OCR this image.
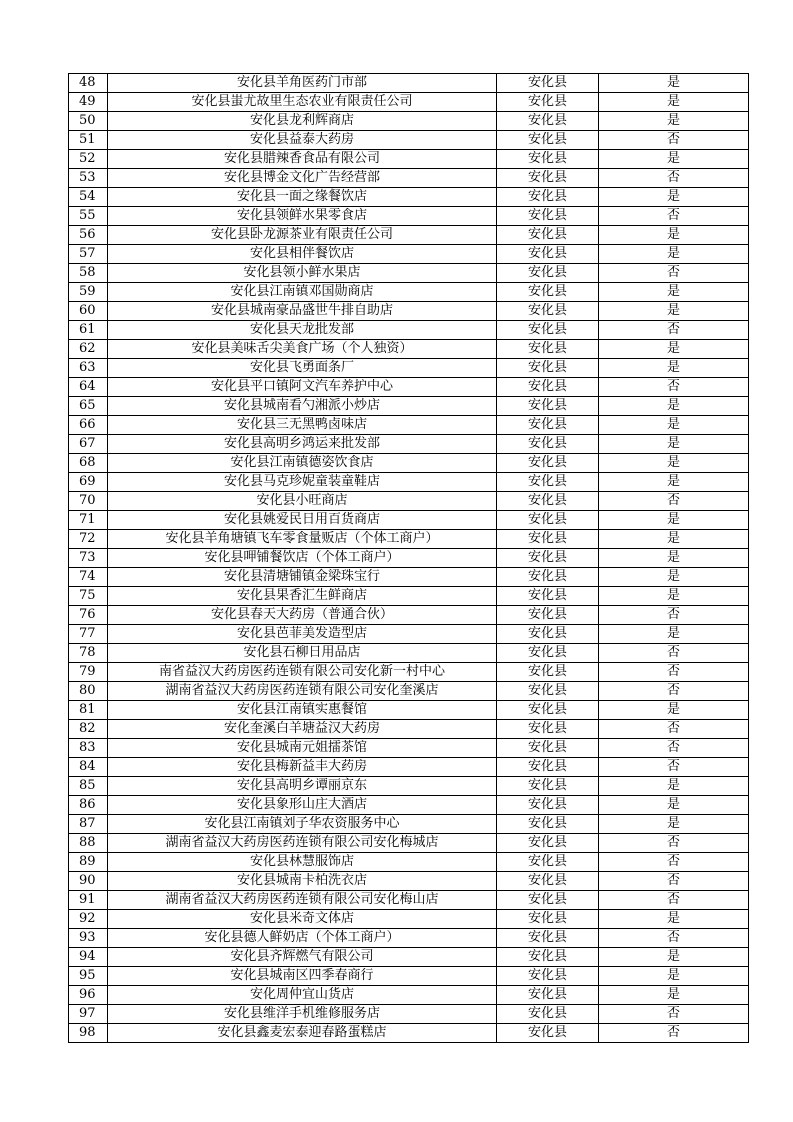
48	安化县羊角医药门市部	安化县	是
49	安化县蚩尤故里生态农业有限责任公司	安化县	是
50	安化县龙利辉商店	安化县	是
51	安化县益泰大药房	安化县	否
52	安化县腊辣香食品有限公司	安化县	是
53	安化县博金文化广告经营部	安化县	否
54	安化县一面之缘餐饮店	安化县	是
55	安化县领鲜水果零食店	安化县	否
56	安化县卧龙源茶业有限责任公司	安化县	是
57	安化县相伴餐饮店	安化县	是
58	安化县领小鲜水果店	安化县	否
59	安化县江南镇邓国勋商店	安化县	是
60	安化县城南豪品盛世牛排自助店	安化县	是
61	安化县天龙批发部	安化县	否
62	安化县美味舌尖美食广场（个人独资）	安化县	是
63	安化县飞勇面条厂	安化县	是
64	安化县平口镇阿文汽车养护中心	安化县	否
65	安化县城南看勺湘派小炒店	安化县	是
66	安化县三无黑鸭卤味店	安化县	是
67	安化县高明乡鸿运来批发部	安化县	是
68	安化县江南镇德姿饮食店	安化县	是
69	安化县马克珍妮童装童鞋店	安化县	是
70	安化县小旺商店	安化县	否
71	安化县姚爱民日用百货商店	安化县	是
72	安化县羊角塘镇飞车零食量贩店（个体工商户）	安化县	是
73	安化县呷铺餐饮店（个体工商户）	安化县	是
74	安化县清塘铺镇金梁珠宝行	安化县	是
75	安化县果香汇生鲜商店	安化县	是
76	安化县春天大药房（普通合伙）	安化县	否
77	安化县芭菲美发造型店	安化县	是
78	安化县石柳日用品店	安化县	否
79	南省益汉大药房医药连锁有限公司安化新一村中心	安化县	否
80	湖南省益汉大药房医药连锁有限公司安化奎溪店	安化县	否
81	安化县江南镇实惠餐馆	安化县	是
82	安化奎溪白羊塘益汉大药房	安化县	否
83	安化县城南元姐擂茶馆	安化县	否
84	安化县梅新益丰大药房	安化县	否
85	安化县高明乡谭丽京东	安化县	是
86	安化县象形山庄大酒店	安化县	是
87	安化县江南镇刘子华农资服务中心	安化县	是
88	湖南省益汉大药房医药连锁有限公司安化梅城店	安化县	否
89	安化县林慧服饰店	安化县	否
90	安化县城南卡柏洗衣店	安化县	否
91	湖南省益汉大药房医药连锁有限公司安化梅山店	安化县	否
92	安化县米奇文体店	安化县	是
93	安化县德人鲜奶店（个体工商户）	安化县	否
94	安化县齐辉燃气有限公司	安化县	是
95	安化县城南区四季春商行	安化县	是
96	安化周仲宜山货店	安化县	是
97	安化县维洋手机维修服务店	安化县	否
98	安化县鑫麦宏泰迎春路蛋糕店	安化县	否
